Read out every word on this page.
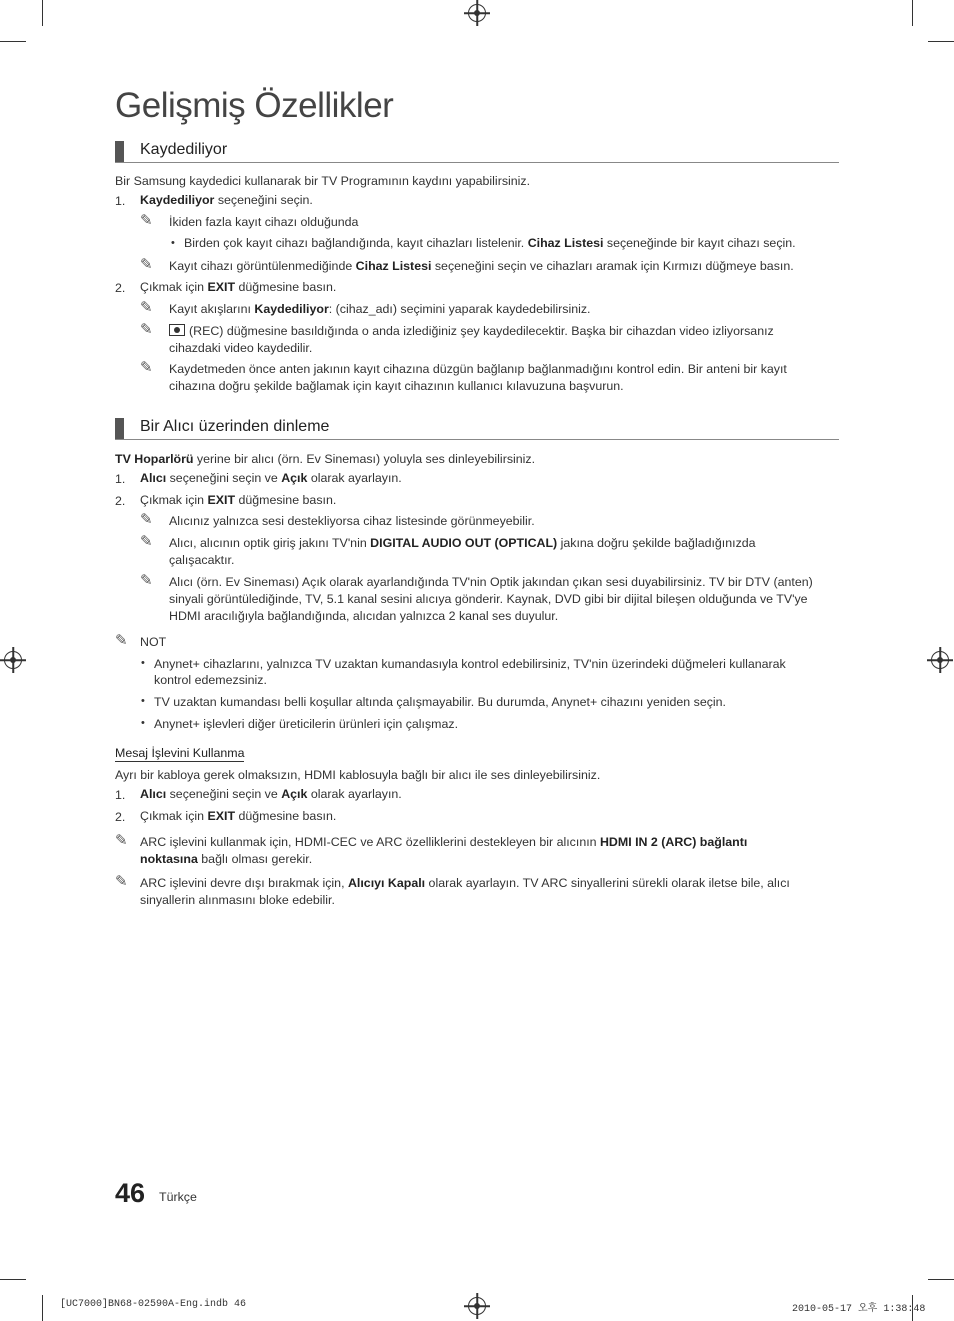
Gelişmiş Özellikler
Kaydediliyor
Bir Samsung kaydedici kullanarak bir TV Programının kaydını yapabilirsiniz.
1. Kaydediliyor seçeneğini seçin.
✎ İkiden fazla kayıt cihazı olduğunda
• Birden çok kayıt cihazı bağlandığında, kayıt cihazları listelenir. Cihaz Listesi seçeneğinde bir kayıt cihazı seçin.
✎ Kayıt cihazı görüntülenmediğinde Cihaz Listesi seçeneğini seçin ve cihazları aramak için Kırmızı düğmeye basın.
2. Çıkmak için EXIT düğmesine basın.
✎ Kayıt akışlarını Kaydediliyor: (cihaz_adı) seçimini yaparak kaydedebilirsiniz.
✎	(REC) düğmesine basıldığında o anda izlediğiniz şey kaydedilecektir. Başka bir cihazdan video izliyorsanız
cihazdaki video kaydedilir.
✎ Kaydetmeden önce anten jakının kayıt cihazına düzgün bağlanıp bağlanmadığını kontrol edin. Bir anteni bir kayıt
cihazına doğru şekilde bağlamak için kayıt cihazının kullanıcı kılavuzuna başvurun.
Bir Alıcı üzerinden dinleme
TV Hoparlörü yerine bir alıcı (örn. Ev Sineması) yoluyla ses dinleyebilirsiniz.
1. Alıcı seçeneğini seçin ve Açık olarak ayarlayın.
2. Çıkmak için EXIT düğmesine basın.
✎ Alıcınız yalnızca sesi destekliyorsa cihaz listesinde görünmeyebilir.
✎ Alıcı, alıcının optik giriş jakını TV'nin DIGITAL AUDIO OUT (OPTICAL) jakına doğru şekilde bağladığınızda
çalışacaktır.
✎ Alıcı (örn. Ev Sineması) Açık olarak ayarlandığında TV'nin Optik jakından çıkan sesi duyabilirsiniz. TV bir DTV (anten)
sinyali görüntülediğinde, TV, 5.1 kanal sesini alıcıya gönderir. Kaynak, DVD gibi bir dijital bileşen olduğunda ve TV'ye
HDMI aracılığıyla bağlandığında, alıcıdan yalnızca 2 kanal ses duyulur.
✎ NOT
• Anynet+ cihazlarını, yalnızca TV uzaktan kumandasıyla kontrol edebilirsiniz, TV'nin üzerindeki düğmeleri kullanarak
kontrol edemezsiniz.
• TV uzaktan kumandası belli koşullar altında çalışmayabilir. Bu durumda, Anynet+ cihazını yeniden seçin.
• Anynet+ işlevleri diğer üreticilerin ürünleri için çalışmaz.
Mesaj İşlevini Kullanma
Ayrı bir kabloya gerek olmaksızın, HDMI kablosuyla bağlı bir alıcı ile ses dinleyebilirsiniz.
1. Alıcı seçeneğini seçin ve Açık olarak ayarlayın.
2. Çıkmak için EXIT düğmesine basın.
✎ ARC işlevini kullanmak için, HDMI-CEC ve ARC özelliklerini destekleyen bir alıcının HDMI IN 2 (ARC) bağlantı
noktasına bağlı olması gerekir.
✎ ARC işlevini devre dışı bırakmak için, Alıcıyı Kapalı olarak ayarlayın. TV ARC sinyallerini sürekli olarak iletse bile, alıcı
sinyallerin alınmasını bloke edebilir.
46 Türkçe
[UC7000]BN68-02590A-Eng.indb 46	2010-05-17 오후 1:38:48
